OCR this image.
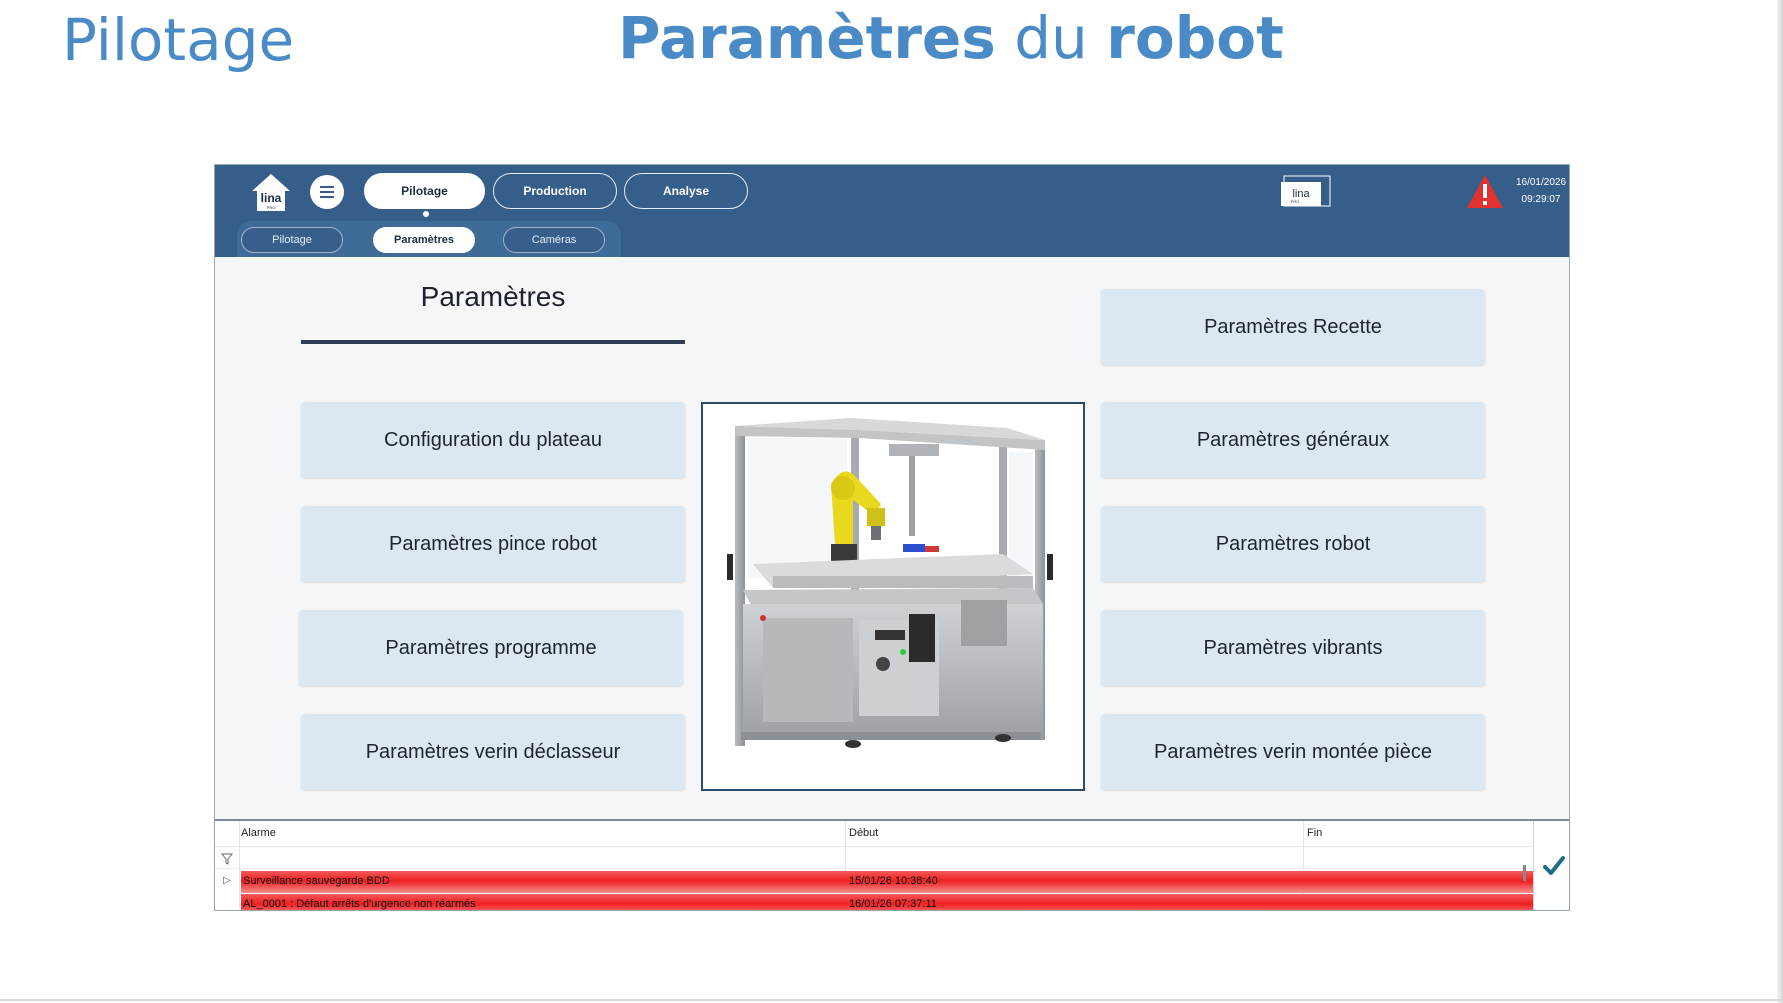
Pilotage	Paramètres du robot
lina
PRO
Pilotage	Production	Analyse
Pilotage	Paramètres	Caméras
lina
PRO
16/01/2026
09:29:07
Paramètres
Configuration du plateau
Paramètres pince robot
Paramètres programme
Paramètres verin déclasseur
Paramètres Recette
Paramètres généraux
Paramètres robot
Paramètres vibrants
Paramètres verin montée pièce
Alarme	Début	Fin
▷ Surveillance sauvegarde BDD	15/01/26 10:38:40
AL_0001 : Défaut arrêts d'urgence non réarmés	16/01/26 07:37:11
